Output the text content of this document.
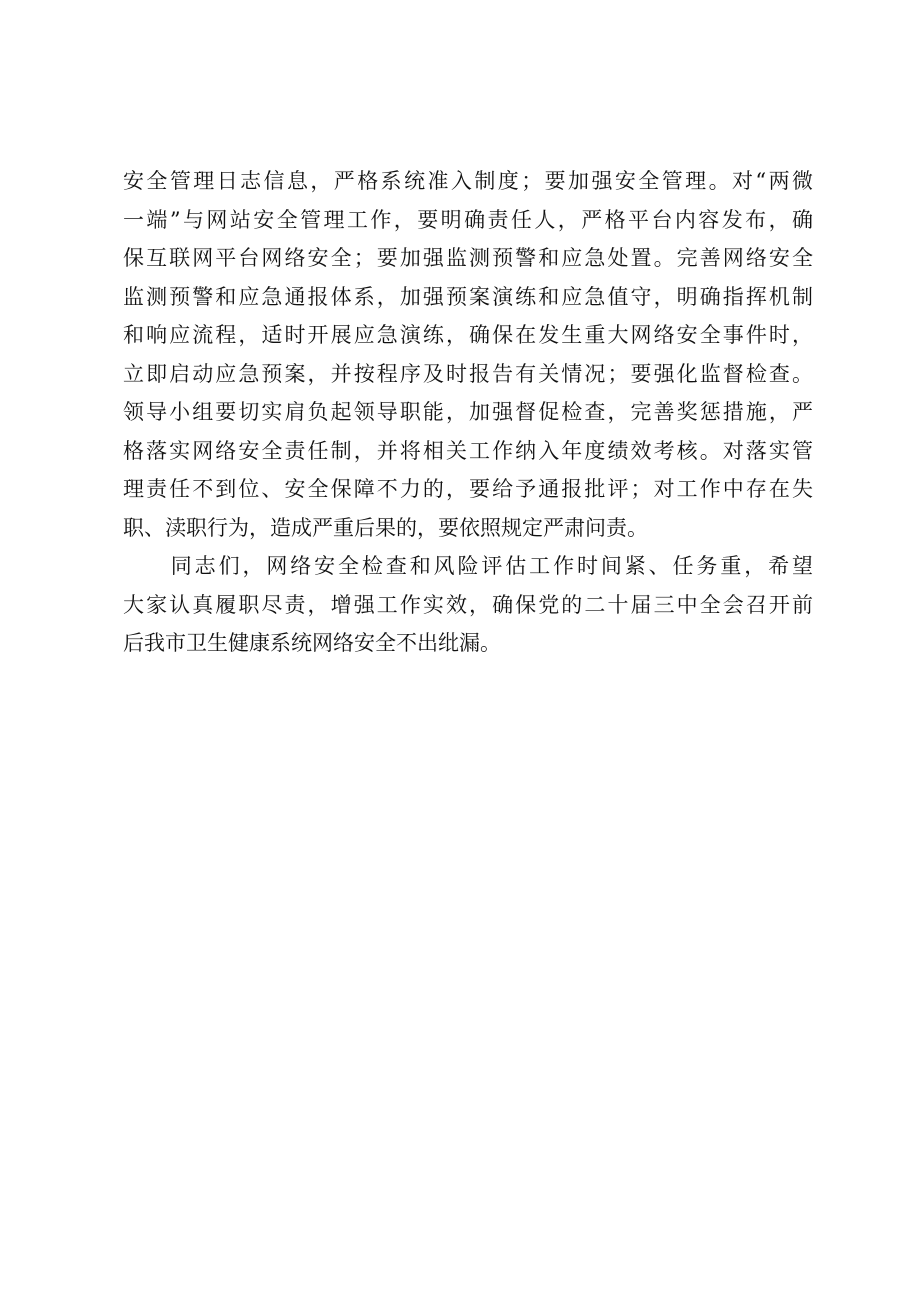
安全管理日志信息，严格系统准入制度；要加强安全管理。对“两微
一端”与网站安全管理工作，要明确责任人，严格平台内容发布，确
保互联网平台网络安全；要加强监测预警和应急处置。完善网络安全
监测预警和应急通报体系，加强预案演练和应急值守，明确指挥机制
和响应流程，适时开展应急演练，确保在发生重大网络安全事件时，
立即启动应急预案，并按程序及时报告有关情况；要强化监督检查。
领导小组要切实肩负起领导职能，加强督促检查，完善奖惩措施，严
格落实网络安全责任制，并将相关工作纳入年度绩效考核。对落实管
理责任不到位、安全保障不力的，要给予通报批评；对工作中存在失
职、渎职行为，造成严重后果的，要依照规定严肃问责。
　　同志们，网络安全检查和风险评估工作时间紧、任务重，希望
大家认真履职尽责，增强工作实效，确保党的二十届三中全会召开前
后我市卫生健康系统网络安全不出纰漏。
